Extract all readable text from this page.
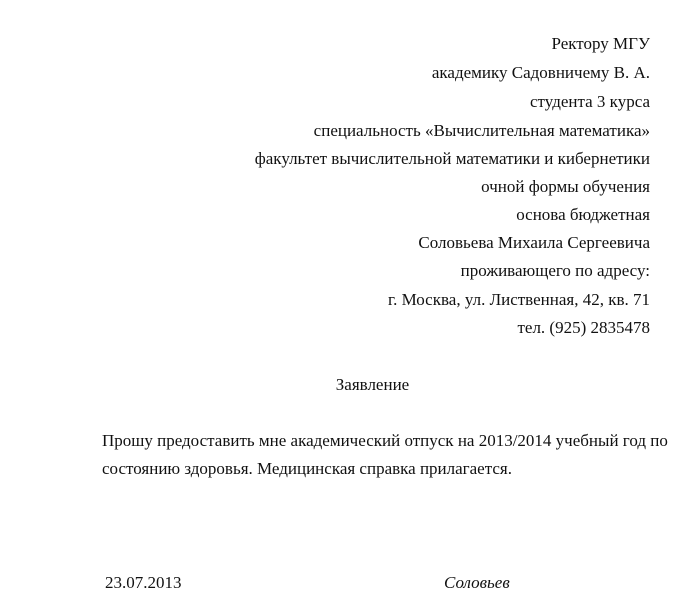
Ректору МГУ
академику Садовничему В. А.
студента 3 курса
специальность «Вычислительная математика»
факультет вычислительной математики и кибернетики
очной формы обучения
основа бюджетная
Соловьева Михаила Сергеевича
проживающего по адресу:
г. Москва, ул. Лиственная, 42, кв. 71
тел. (925) 2835478
Заявление
Прошу предоставить мне академический отпуск на 2013/2014 учебный год по
состоянию здоровья. Медицинская справка прилагается.
23.07.2013	Соловьев
